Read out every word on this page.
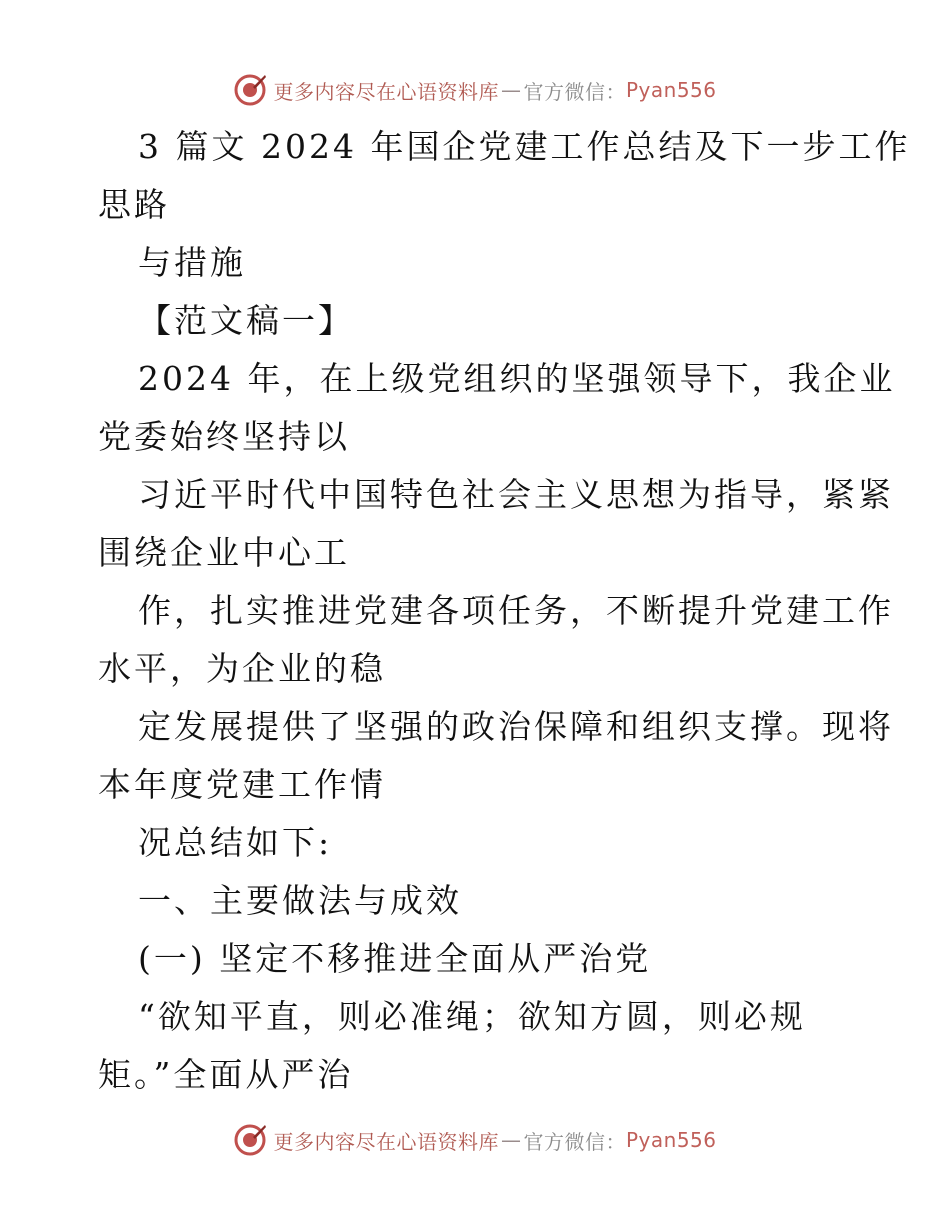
更多内容尽在心语资料库 — 官方微信： Pyan556
3 篇文 2024 年国企党建工作总结及下一步工作
思路
与措施
【范文稿一】
2024 年，在上级党组织的坚强领导下，我企业
党委始终坚持以
习近平时代中国特色社会主义思想为指导，紧紧
围绕企业中心工
作，扎实推进党建各项任务，不断提升党建工作
水平，为企业的稳
定发展提供了坚强的政治保障和组织支撑。现将
本年度党建工作情
况总结如下:
一、主要做法与成效
(一) 坚定不移推进全面从严治党
“欲知平直，则必准绳；欲知方圆，则必规
矩。”全面从严治
更多内容尽在心语资料库 — 官方微信： Pyan556
